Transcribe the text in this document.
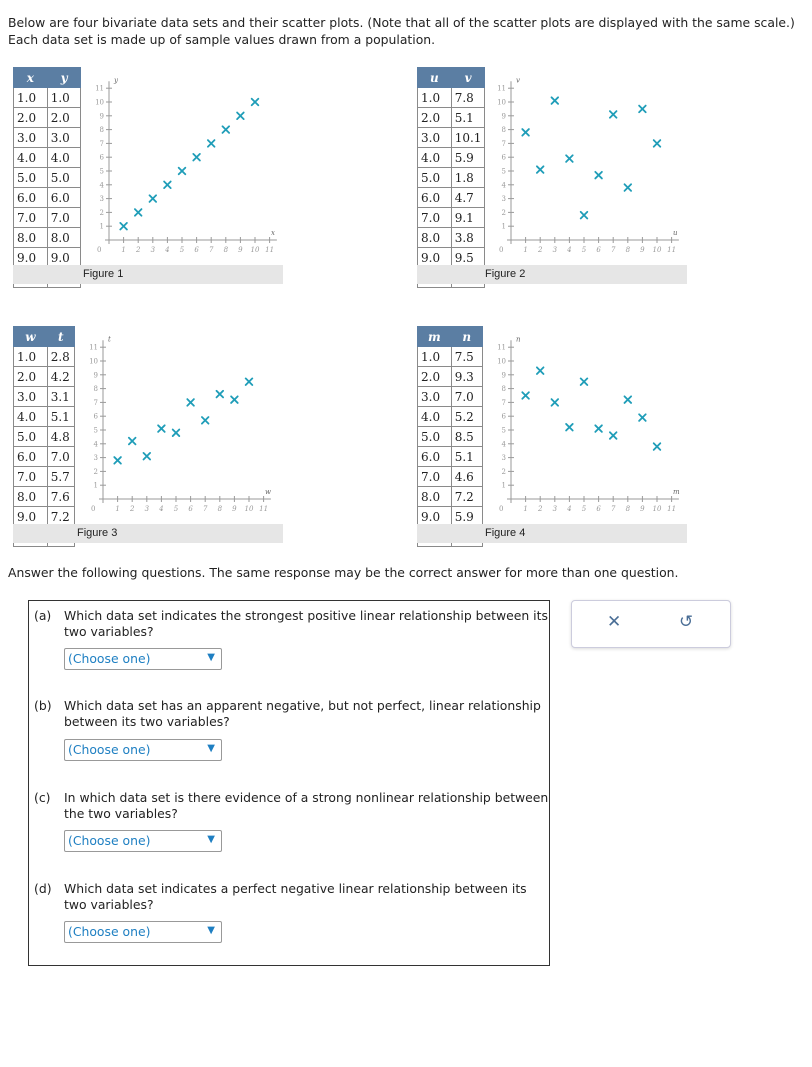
Below are four bivariate data sets and their scatter plots. (Note that all of the scatter plots are displayed with the same scale.) Each data set is made up of sample values drawn from a population.
x	y
1.0	1.0
2.0	2.0
3.0	3.0
4.0	4.0
5.0	5.0
6.0	6.0
7.0	7.0
8.0	8.0
9.0	9.0

Figure 1
1
2
3
4
5
6
7
8
9
10
11
1 2 3 4 5 6 7 8 9 10 11
0
y
x
u	v
1.0	7.8
2.0	5.1
3.0	10.1
4.0	5.9
5.0	1.8
6.0	4.7
7.0	9.1
8.0	3.8
9.0	9.5

Figure 2
1
2
3
4
5
6
7
8
9
10
11
1 2 3 4 5 6 7 8 9 10 11
0
v
u
w	t
1.0	2.8
2.0	4.2
3.0	3.1
4.0	5.1
5.0	4.8
6.0	7.0
7.0	5.7
8.0	7.6
9.0	7.2

Figure 3
1
2
3
4
5
6
7
8
9
10
11
1 2 3 4 5 6 7 8 9 10 11
0
t
w
m	n
1.0	7.5
2.0	9.3
3.0	7.0
4.0	5.2
5.0	8.5
6.0	5.1
7.0	4.6
8.0	7.2
9.0	5.9

Figure 4
1
2
3
4
5
6
7
8
9
10
11
1 2 3 4 5 6 7 8 9 10 11
0
n
m
Answer the following questions. The same response may be the correct answer for more than one question.
(a) Which data set indicates the strongest positive linear relationship between its two variables?
(Choose one)	▼
(b) Which data set has an apparent negative, but not perfect, linear relationship between its two variables?
(Choose one)	▼
(c) In which data set is there evidence of a strong nonlinear relationship between the two variables?
(Choose one)	▼
(d) Which data set indicates a perfect negative linear relationship between its two variables?
(Choose one)	▼
✕	↺
